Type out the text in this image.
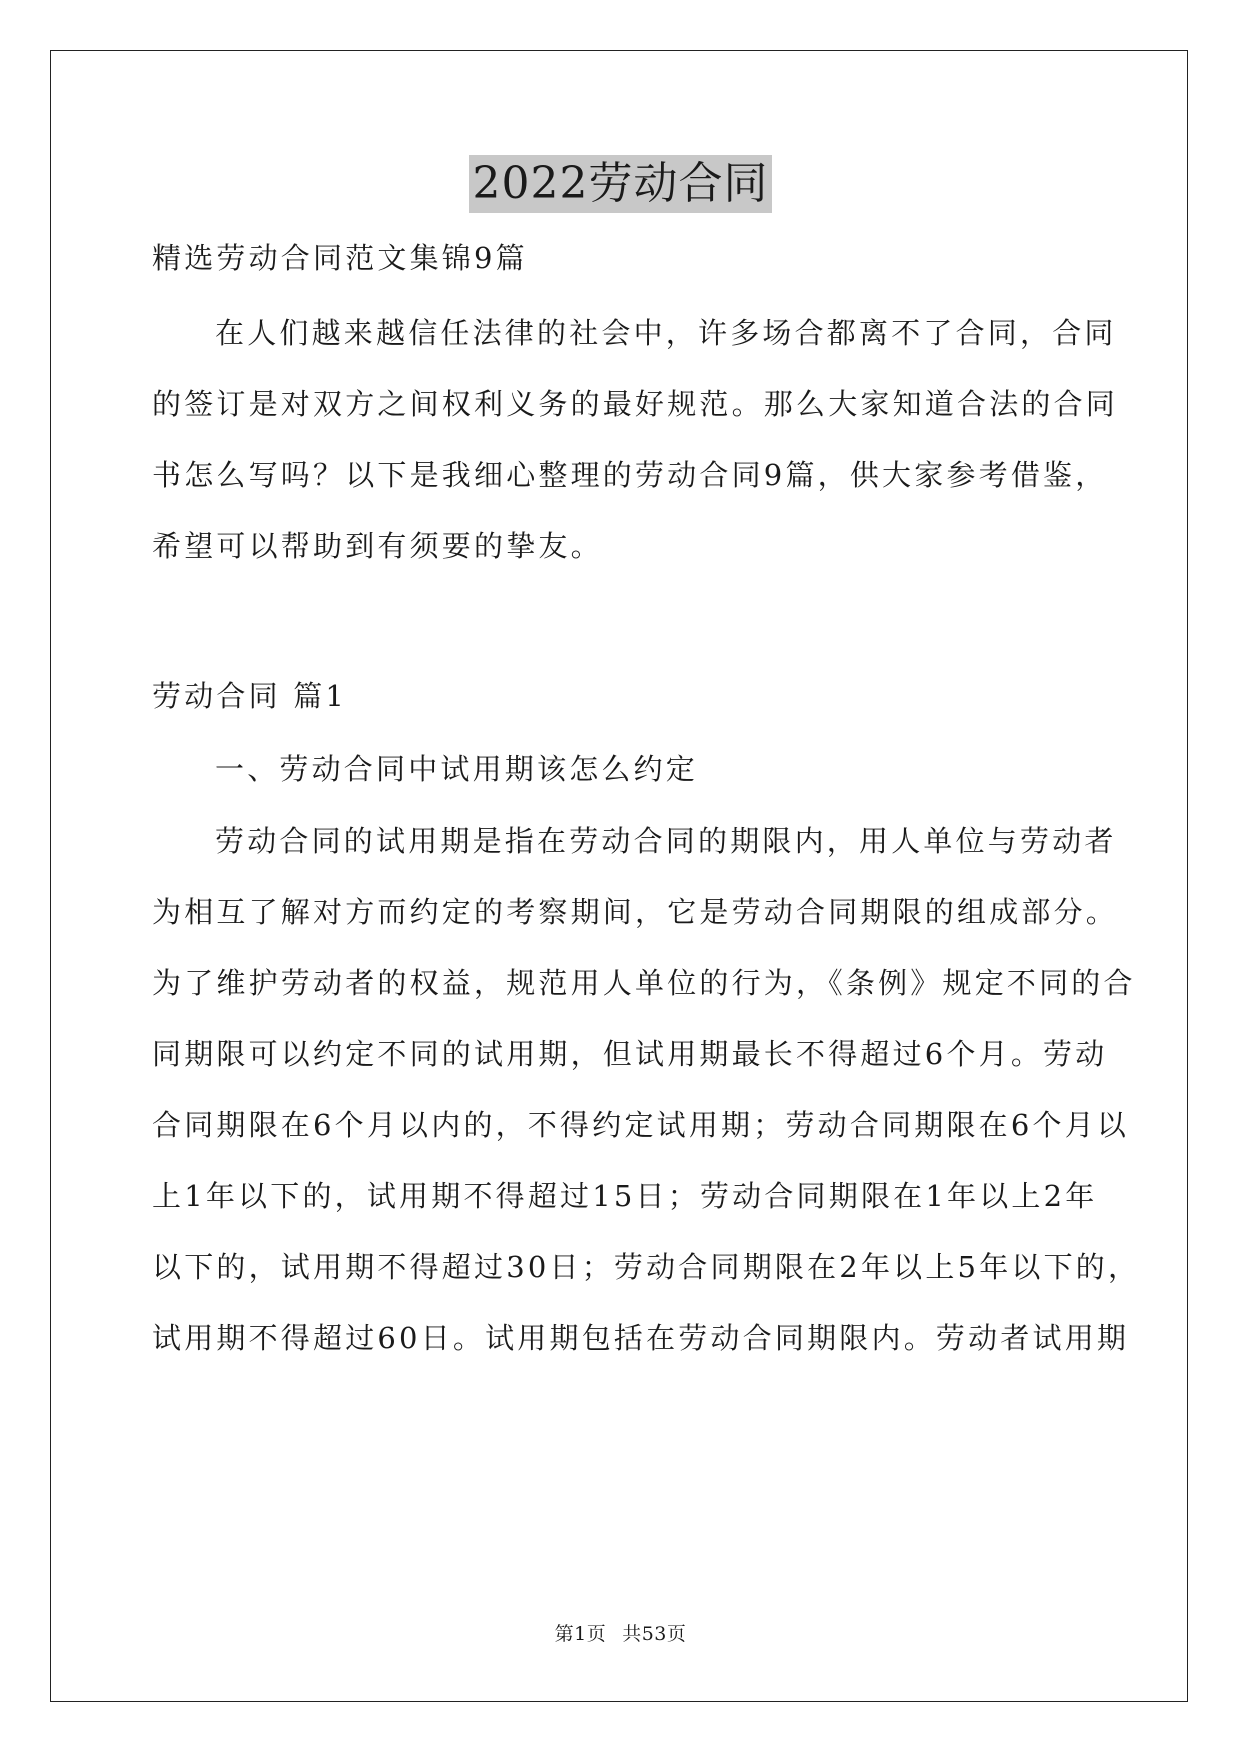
2022劳动合同
精选劳动合同范文集锦9篇
在人们越来越信任法律的社会中，许多场合都离不了合同，合同
的签订是对双方之间权利义务的最好规范。那么大家知道合法的合同
书怎么写吗？以下是我细心整理的劳动合同9篇，供大家参考借鉴，
希望可以帮助到有须要的挚友。
劳动合同 篇1
一、劳动合同中试用期该怎么约定
劳动合同的试用期是指在劳动合同的期限内，用人单位与劳动者
为相互了解对方而约定的考察期间，它是劳动合同期限的组成部分。
为了维护劳动者的权益，规范用人单位的行为，《条例》规定不同的合
同期限可以约定不同的试用期，但试用期最长不得超过6个月。劳动
合同期限在6个月以内的，不得约定试用期；劳动合同期限在6个月以
上1年以下的，试用期不得超过15日；劳动合同期限在1年以上2年
以下的，试用期不得超过30日；劳动合同期限在2年以上5年以下的，
试用期不得超过60日。试用期包括在劳动合同期限内。劳动者试用期
第1页 共53页
